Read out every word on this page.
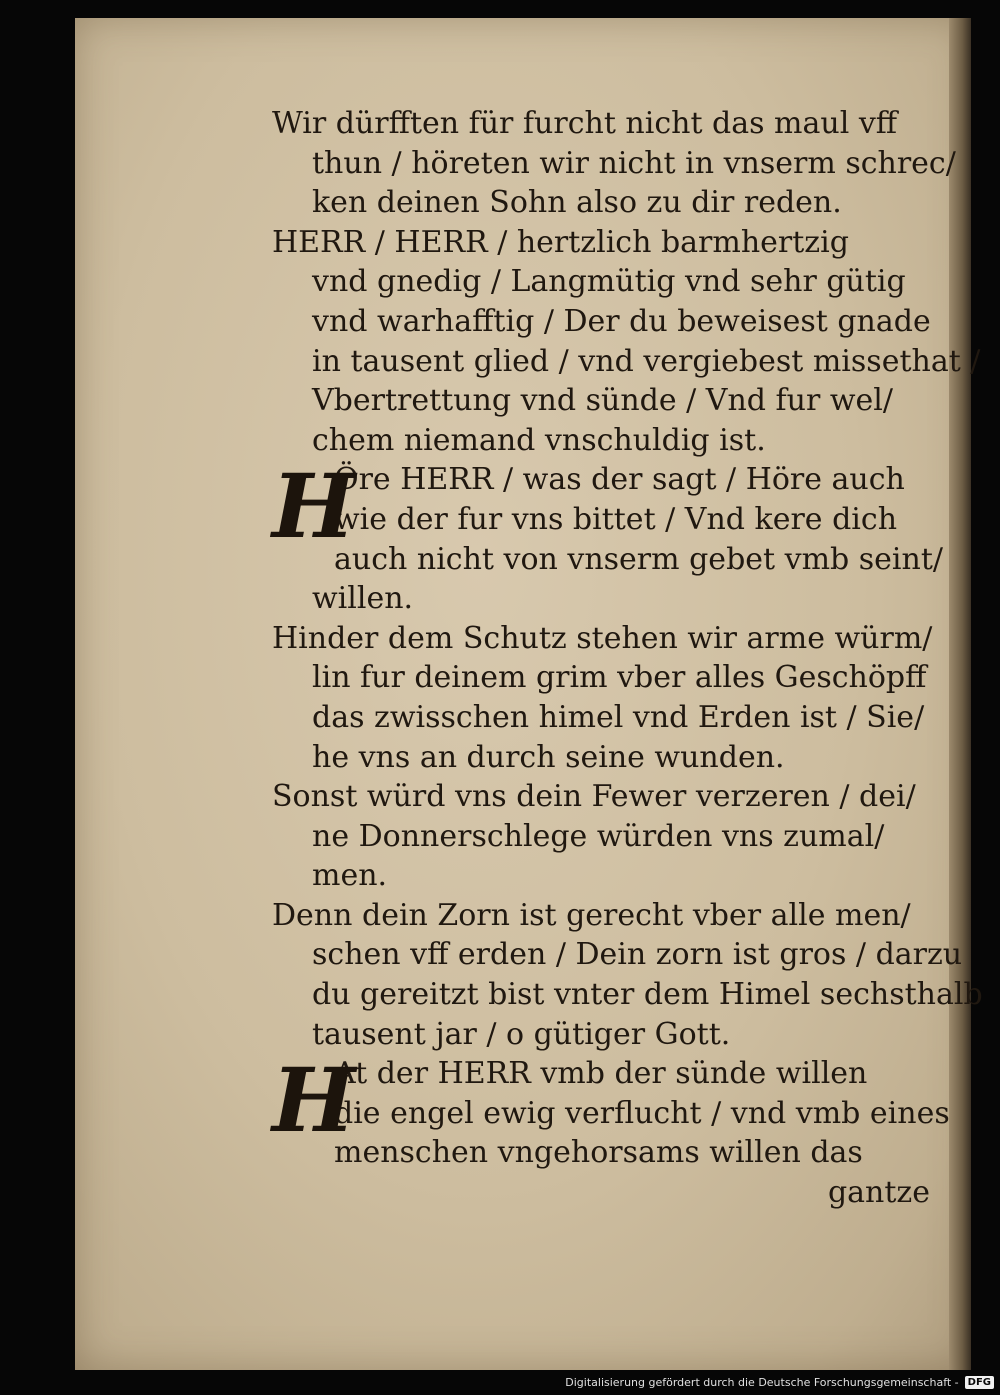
Wir dürfften für furcht nicht das maul vff
thun / höreten wir nicht in vnserm schrec/
ken deinen Sohn also zu dir reden.

HERR / HERR / hertzlich barmhertzig
vnd gnedig / Langmütig vnd sehr gütig
vnd warhafftig / Der du beweisest gnade
in tausent glied / vnd vergiebest missethat /
Vbertrettung vnd sünde / Vnd fur wel/
chem niemand vnschuldig ist.

H
Öre HERR / was der sagt / Höre auch
wie der fur vns bittet / Vnd kere dich
auch nicht von vnserm gebet vmb seint/
willen.

Hinder dem Schutz stehen wir arme würm/
lin fur deinem grim vber alles Geschöpff
das zwisschen himel vnd Erden ist / Sie/
he vns an durch seine wunden.

Sonst würd vns dein Fewer verzeren / dei/
ne Donnerschlege würden vns zumal/
men.

Denn dein Zorn ist gerecht vber alle men/
schen vff erden / Dein zorn ist gros / darzu
du gereitzt bist vnter dem Himel sechsthalb
tausent jar / o gütiger Gott.

H
At der HERR vmb der sünde willen
die engel ewig verflucht / vnd vmb eines
menschen vngehorsams willen das

gantze
Digitalisierung gefördert durch die Deutsche Forschungsgemeinschaft - DFG
